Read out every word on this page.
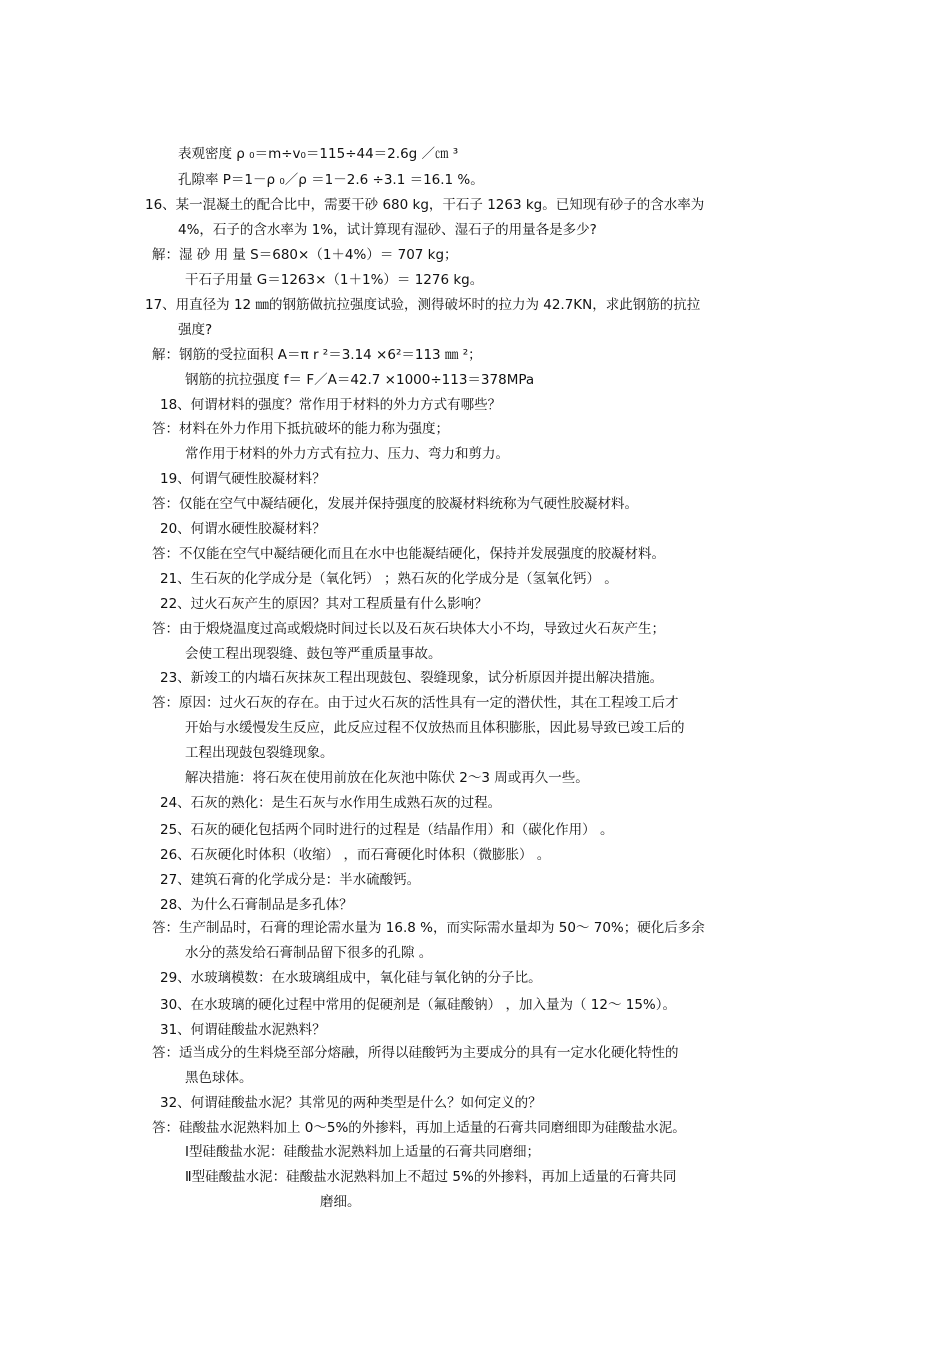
表观密度 ρ ₀＝m÷v₀＝115÷44＝2.6g ／㎝ ³
孔隙率 P＝1－ρ ₀／ρ ＝1－2.6 ÷3.1 ＝16.1 %。
16、某一混凝土的配合比中，需要干砂 680 kg，干石子 1263 kg。已知现有砂子的含水率为
4%，石子的含水率为 1%，试计算现有湿砂、湿石子的用量各是多少?
解：湿 砂 用 量 S＝680×（1＋4%）＝ 707 kg；
干石子用量 G＝1263×（1＋1%）＝ 1276 kg。
17、用直径为 12 ㎜的钢筋做抗拉强度试验，测得破坏时的拉力为 42.7KN，求此钢筋的抗拉
强度?
解：钢筋的受拉面积 A＝π r ²＝3.14 ×6²＝113 ㎜ ²；
钢筋的抗拉强度 f＝ F／A＝42.7 ×1000÷113＝378MPa
18、何谓材料的强度？常作用于材料的外力方式有哪些？
答：材料在外力作用下抵抗破坏的能力称为强度；
常作用于材料的外力方式有拉力、压力、弯力和剪力。
19、何谓气硬性胶凝材料？
答：仅能在空气中凝结硬化，发展并保持强度的胶凝材料统称为气硬性胶凝材料。
20、何谓水硬性胶凝材料？
答：不仅能在空气中凝结硬化而且在水中也能凝结硬化，保持并发展强度的胶凝材料。
21、生石灰的化学成分是（氧化钙） ；熟石灰的化学成分是（氢氧化钙） 。
22、过火石灰产生的原因？其对工程质量有什么影响？
答：由于煅烧温度过高或煅烧时间过长以及石灰石块体大小不均，导致过火石灰产生；
会使工程出现裂缝、鼓包等严重质量事故。
23、新竣工的内墙石灰抹灰工程出现鼓包、裂缝现象，试分析原因并提出解决措施。
答：原因：过火石灰的存在。由于过火石灰的活性具有一定的潜伏性，其在工程竣工后才
开始与水缓慢发生反应，此反应过程不仅放热而且体积膨胀，因此易导致已竣工后的
工程出现鼓包裂缝现象。
解决措施：将石灰在使用前放在化灰池中陈伏 2～3 周或再久一些。
24、石灰的熟化：是生石灰与水作用生成熟石灰的过程。
25、石灰的硬化包括两个同时进行的过程是（结晶作用）和（碳化作用） 。
26、石灰硬化时体积（收缩） ，而石膏硬化时体积（微膨胀） 。
27、建筑石膏的化学成分是：半水硫酸钙。
28、为什么石膏制品是多孔体？
答：生产制品时，石膏的理论需水量为 16.8 %，而实际需水量却为 50～ 70%；硬化后多余
水分的蒸发给石膏制品留下很多的孔隙 。
29、水玻璃模数：在水玻璃组成中，氧化硅与氧化钠的分子比。
30、在水玻璃的硬化过程中常用的促硬剂是（氟硅酸钠） ，加入量为（ 12～ 15%）。
31、何谓硅酸盐水泥熟料？
答：适当成分的生料烧至部分熔融，所得以硅酸钙为主要成分的具有一定水化硬化特性的
黑色球体。
32、何谓硅酸盐水泥？其常见的两种类型是什么？如何定义的？
答：硅酸盐水泥熟料加上 0～5%的外掺料，再加上适量的石膏共同磨细即为硅酸盐水泥。
Ⅰ型硅酸盐水泥：硅酸盐水泥熟料加上适量的石膏共同磨细；
Ⅱ型硅酸盐水泥：硅酸盐水泥熟料加上不超过 5%的外掺料，再加上适量的石膏共同
磨细。
